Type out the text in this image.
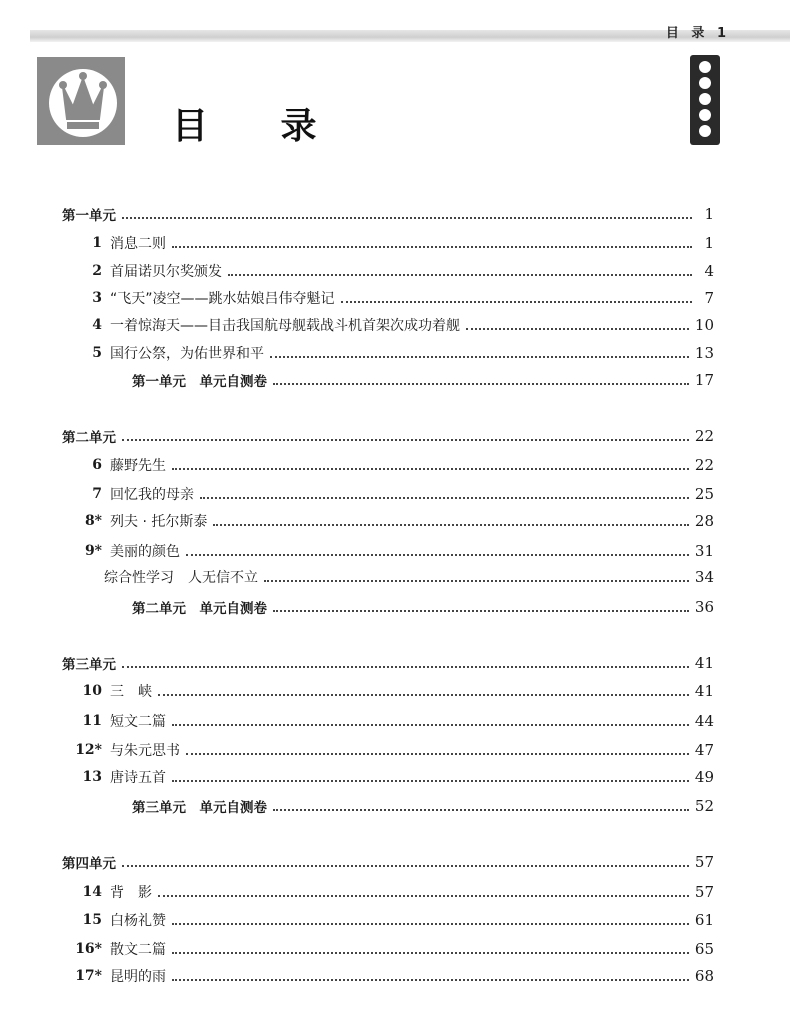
目 录 1
目 录
第一单元	1
1 消息二则	1
2 首届诺贝尔奖颁发	4
3 “飞天”凌空——跳水姑娘吕伟夺魁记	7
4 一着惊海天——目击我国航母舰载战斗机首架次成功着舰	10
5 国行公祭，为佑世界和平	13
第一单元　单元自测卷	17
第二单元	22
6 藤野先生	22
7 回忆我的母亲	25
8* 列夫 · 托尔斯泰	28
9* 美丽的颜色	31
综合性学习　人无信不立	34
第二单元　单元自测卷	36
第三单元	41
10 三　峡	41
11 短文二篇	44
12* 与朱元思书	47
13 唐诗五首	49
第三单元　单元自测卷	52
第四单元	57
14 背　影	57
15 白杨礼赞	61
16* 散文二篇	65
17* 昆明的雨	68
